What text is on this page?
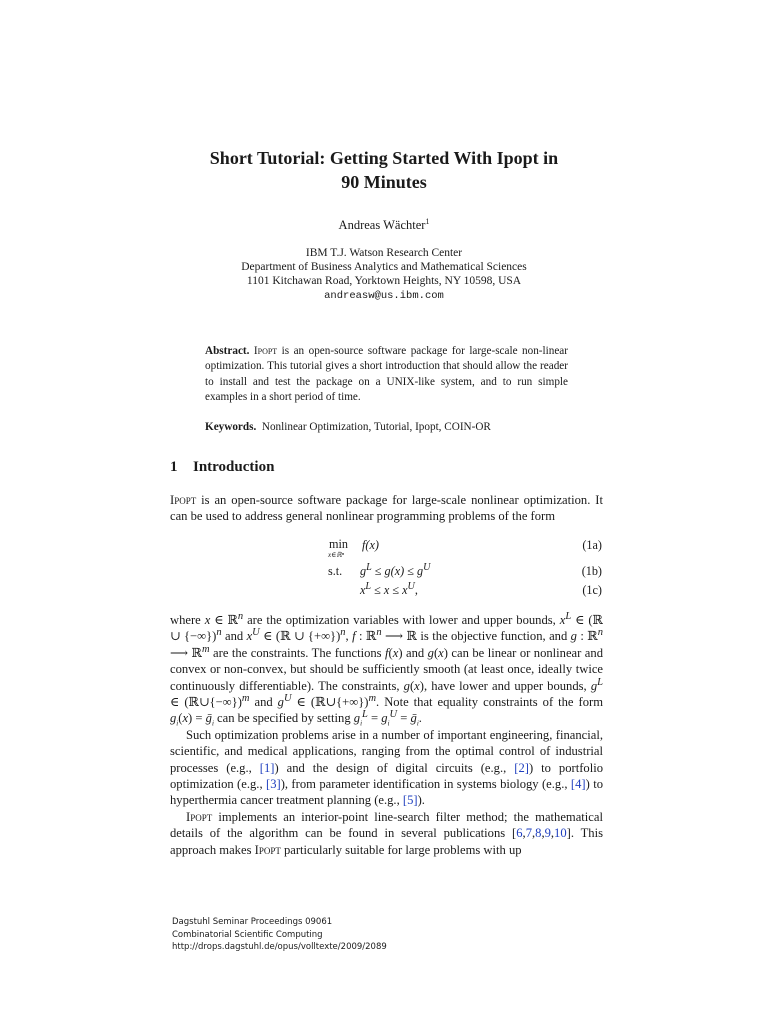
Short Tutorial: Getting Started With Ipopt in
90 Minutes
Andreas Wächter$^1$
IBM T.J. Watson Research Center
Department of Business Analytics and Mathematical Sciences
1101 Kitchawan Road, Yorktown Heights, NY 10598, USA
andreasw@us.ibm.com
Abstract. Ipopt is an open-source software package for large-scale non-linear optimization. This tutorial gives a short introduction that should allow the reader to install and test the package on a UNIX-like system, and to run simple examples in a short period of time.
Keywords. Nonlinear Optimization, Tutorial, Ipopt, COIN-OR
1 Introduction
Ipopt is an open-source software package for large-scale nonlinear optimization. It can be used to address general nonlinear programming problems of the form
min
x∈ℝⁿ
f(x)	(1a)
s.t. $g^L \le g(x) \le g^U$	(1b)
$x^L \le x \le x^U$,	(1c)
where x ∈ ℝ$^n$ are the optimization variables with lower and upper bounds, $x^L$ ∈ (ℝ ∪ {−∞})$^n$ and $x^U$ ∈ (ℝ ∪ {+∞})$^n$, f : ℝ$^n$ ⟶ ℝ is the objective function, and g : ℝ$^n$ ⟶ ℝ$^m$ are the constraints. The functions f(x) and g(x) can be linear or nonlinear and convex or non-convex, but should be sufficiently smooth (at least once, ideally twice continuously differentiable). The constraints, g(x), have lower and upper bounds, $g^L$ ∈ (ℝ∪{−∞})$^m$ and $g^U$ ∈ (ℝ∪{+∞})$^m$. Note that equality constraints of the form $g_i(x)$ = ḡ$_i$ can be specified by setting $g_i^L = g_i^U$ = ḡ$_i$.
Such optimization problems arise in a number of important engineering, financial, scientific, and medical applications, ranging from the optimal control of industrial processes (e.g., [1]) and the design of digital circuits (e.g., [2]) to portfolio optimization (e.g., [3]), from parameter identification in systems biology (e.g., [4]) to hyperthermia cancer treatment planning (e.g., [5]).
Ipopt implements an interior-point line-search filter method; the mathematical details of the algorithm can be found in several publications [6,7,8,9,10]. This approach makes Ipopt particularly suitable for large problems with up
Dagstuhl Seminar Proceedings 09061
Combinatorial Scientific Computing
http://drops.dagstuhl.de/opus/volltexte/2009/2089
